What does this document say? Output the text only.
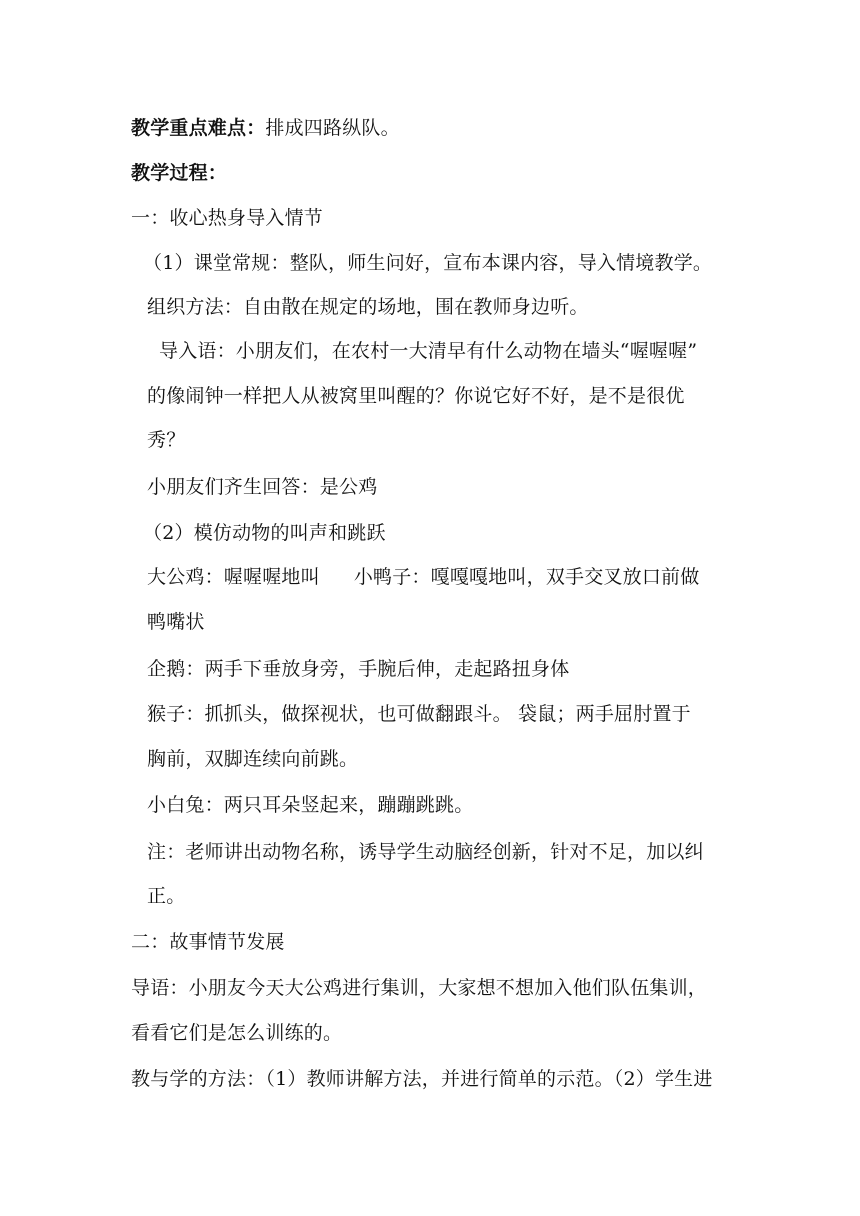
教学重点难点：排成四路纵队。
教学过程：
一：收心热身导入情节
（1）课堂常规：整队，师生问好，宣布本课内容，导入情境教学。
组织方法：自由散在规定的场地，围在教师身边听。
导入语：小朋友们，在农村一大清早有什么动物在墙头“喔喔喔”
的像闹钟一样把人从被窝里叫醒的？你说它好不好，是不是很优
秀？
小朋友们齐生回答：是公鸡
（2）模仿动物的叫声和跳跃
大公鸡：喔喔喔地叫 小鸭子：嘎嘎嘎地叫，双手交叉放口前做
鸭嘴状
企鹅：两手下垂放身旁，手腕后伸，走起路扭身体
猴子：抓抓头，做探视状，也可做翻跟斗。 袋鼠；两手屈肘置于
胸前，双脚连续向前跳。
小白兔：两只耳朵竖起来，蹦蹦跳跳。
注：老师讲出动物名称，诱导学生动脑经创新，针对不足，加以纠
正。
二：故事情节发展
导语：小朋友今天大公鸡进行集训，大家想不想加入他们队伍集训，
看看它们是怎么训练的。
教与学的方法：（1）教师讲解方法，并进行简单的示范。（2）学生进
